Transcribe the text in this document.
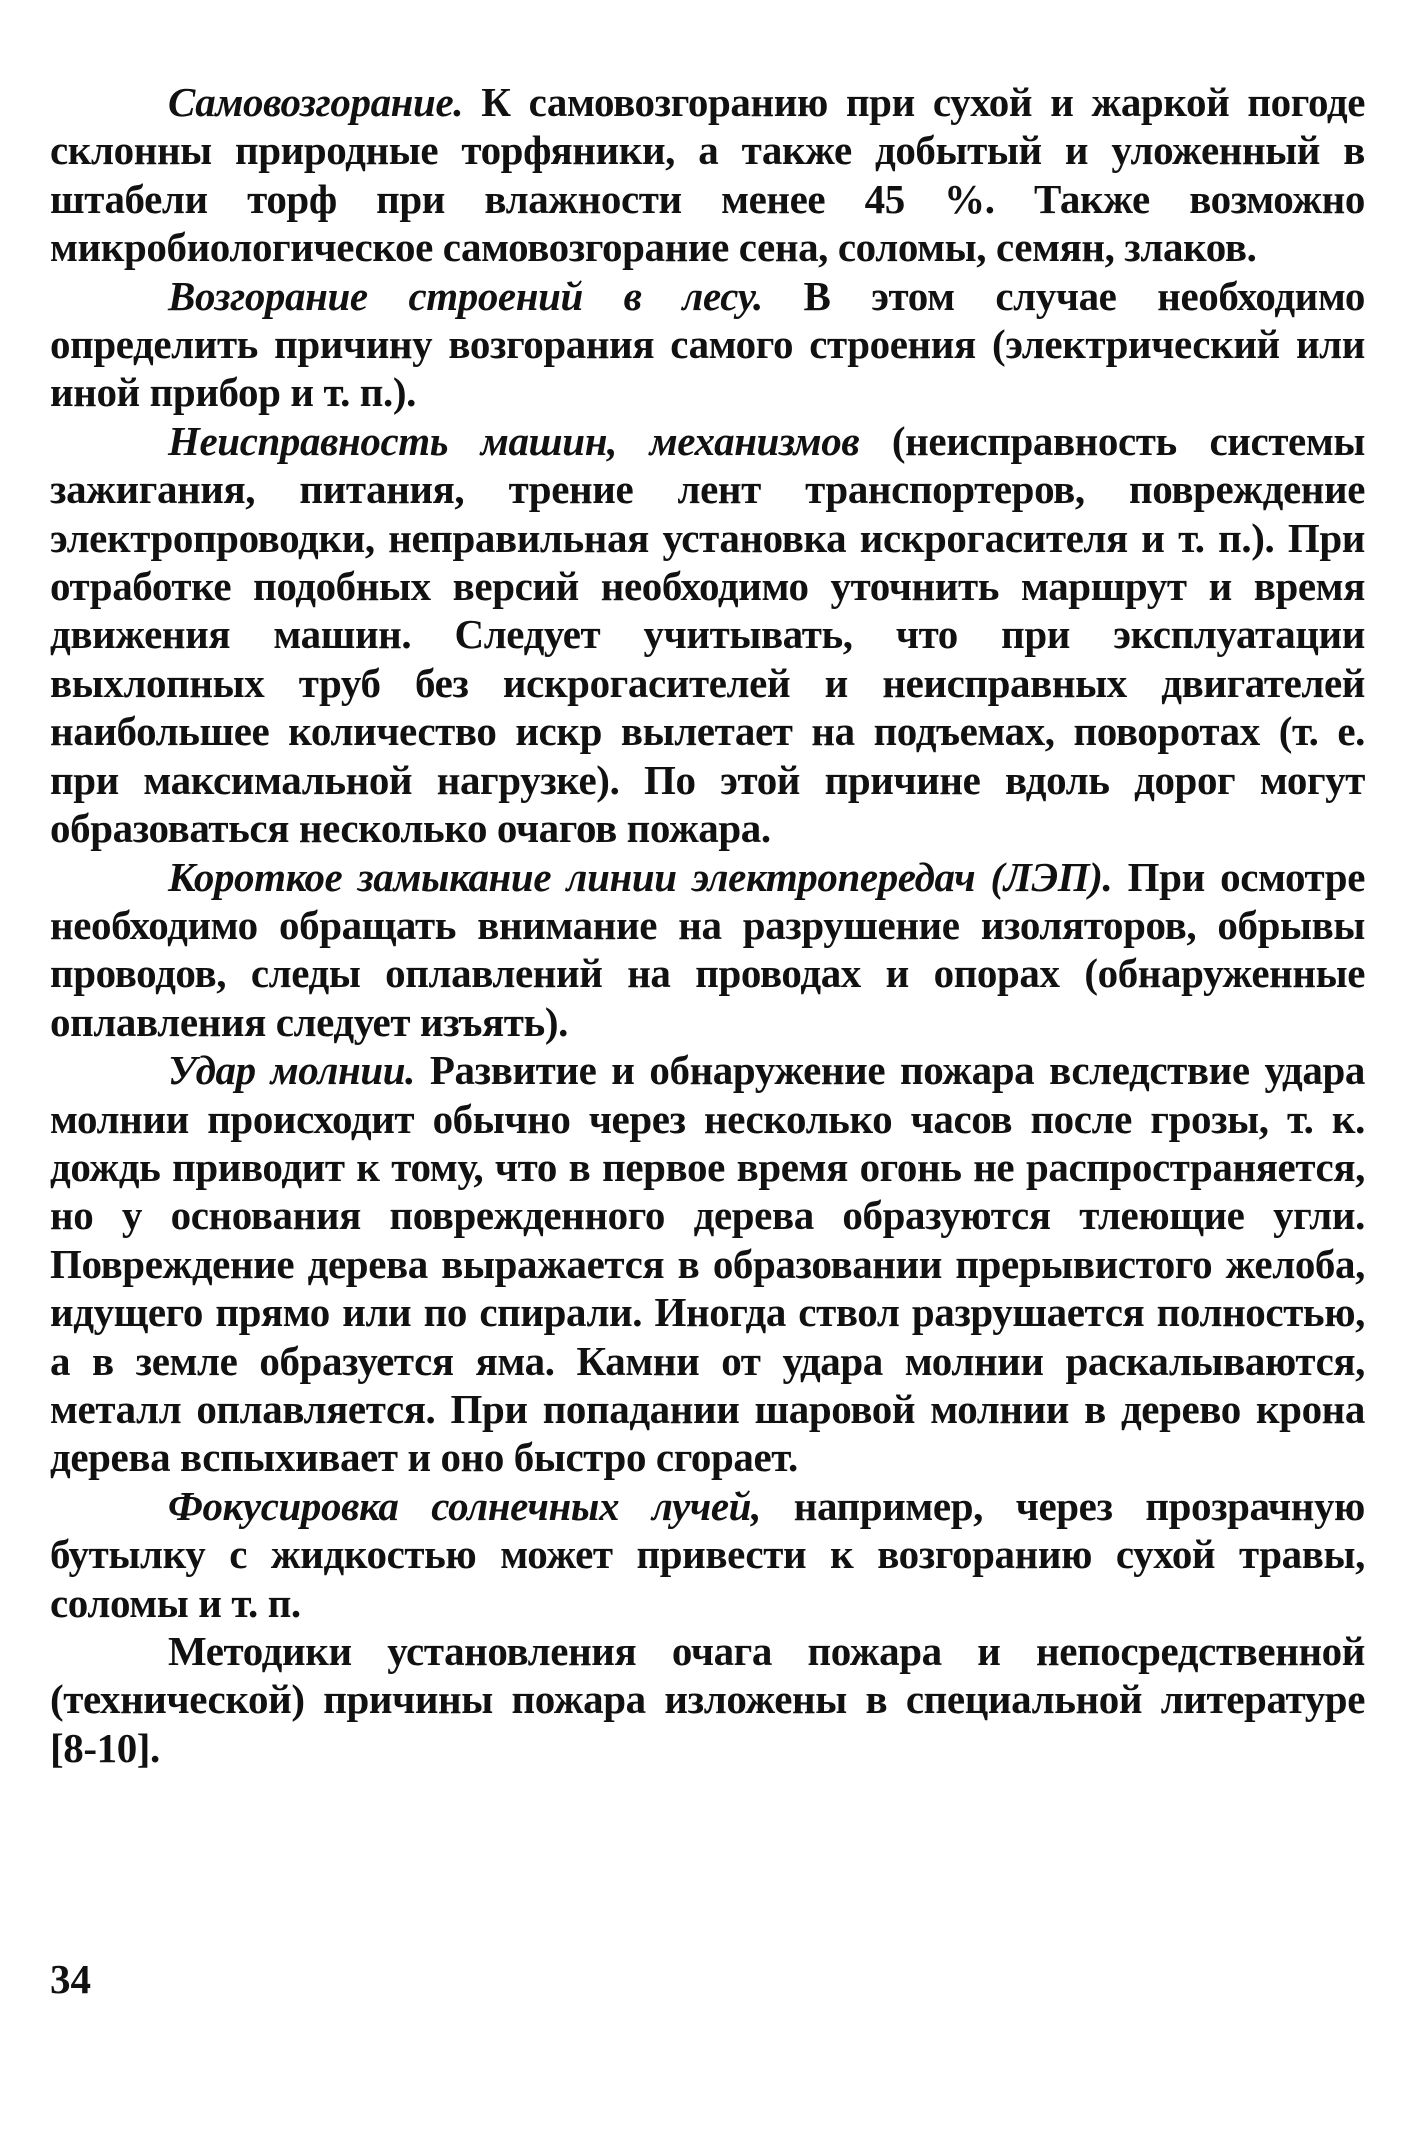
Самовозгорание. К самовозгоранию при сухой и жаркой погоде склонны природные торфяники, а также добытый и уложенный в штабели торф при влажности менее 45 %. Также возможно микробиологическое самовозгорание сена, соломы, семян, злаков.

Возгорание строений в лесу. В этом случае необходимо определить причину возгорания самого строения (электрический или иной прибор и т. п.).

Неисправность машин, механизмов (неисправность системы зажигания, питания, трение лент транспортеров, повреждение электропроводки, неправильная установка искрогасителя и т. п.). При отработке подобных версий необходимо уточнить маршрут и время движения машин. Следует учитывать, что при эксплуатации выхлопных труб без искрогасителей и неисправных двигателей наибольшее количество искр вылетает на подъемах, поворотах (т. е. при максимальной нагрузке). По этой причине вдоль дорог могут образоваться несколько очагов пожара.

Короткое замыкание линии электропередач (ЛЭП). При осмотре необходимо обращать внимание на разрушение изоляторов, обрывы проводов, следы оплавлений на проводах и опорах (обнаруженные оплавления следует изъять).

Удар молнии. Развитие и обнаружение пожара вследствие удара молнии происходит обычно через несколько часов после грозы, т. к. дождь приводит к тому, что в первое время огонь не распространяется, но у основания поврежденного дерева образуются тлеющие угли. Повреждение дерева выражается в образовании прерывистого желоба, идущего прямо или по спирали. Иногда ствол разрушается полностью, а в земле образуется яма. Камни от удара молнии раскалываются, металл оплавляется. При попадании шаровой молнии в дерево крона дерева вспыхивает и оно быстро сгорает.

Фокусировка солнечных лучей, например, через прозрачную бутылку с жидкостью может привести к возгоранию сухой травы, соломы и т. п.

Методики установления очага пожара и непосредственной (технической) причины пожара изложены в специальной литературе [8-10].

34
